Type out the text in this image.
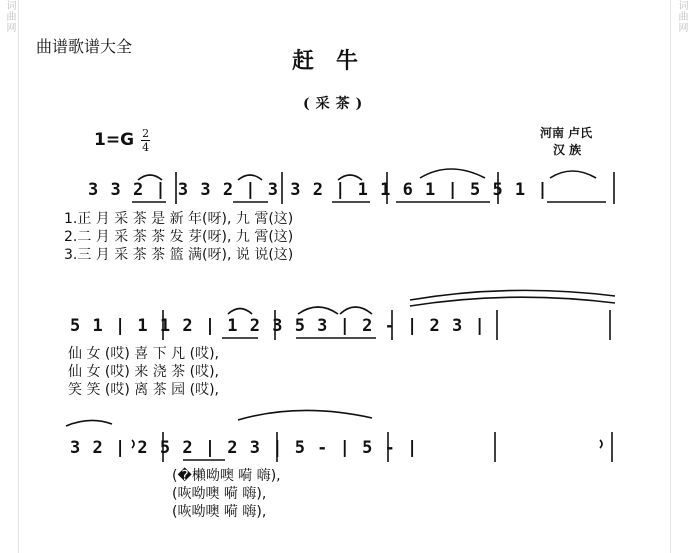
词曲网	词曲网
曲谱歌谱大全
赶牛
(采茶)
$1=G \frac{2}{4}$	河南 卢氏
汉 族
3 3 2 | 3 3 2 | 3 3 2 | 1 1 6 1 | 5 5 1 |
1.正 月 采 茶 是 新 年(呀), 九 霄(这)
2.二 月 采 茶 茶 发 芽(呀), 九 霄(这)
3.三 月 采 茶 茶 篮 满(呀), 说 说(这)
5 1 | 1 1 2 | 1 2 3 5 3 | 2 - | 2 3 |
仙 女 (哎) 喜 下 凡 (哎),
仙 女 (哎) 来 浇 茶 (哎),
笑 笑 (哎) 离 茶 园 (哎),
3 2 | 2 5 2 | 2 3 | 5 - | 5 - |
(�櫴呦噢 嗬 嗨),
(咴呦噢 嗬 嗨),
(咴呦噢 嗬 嗨),
